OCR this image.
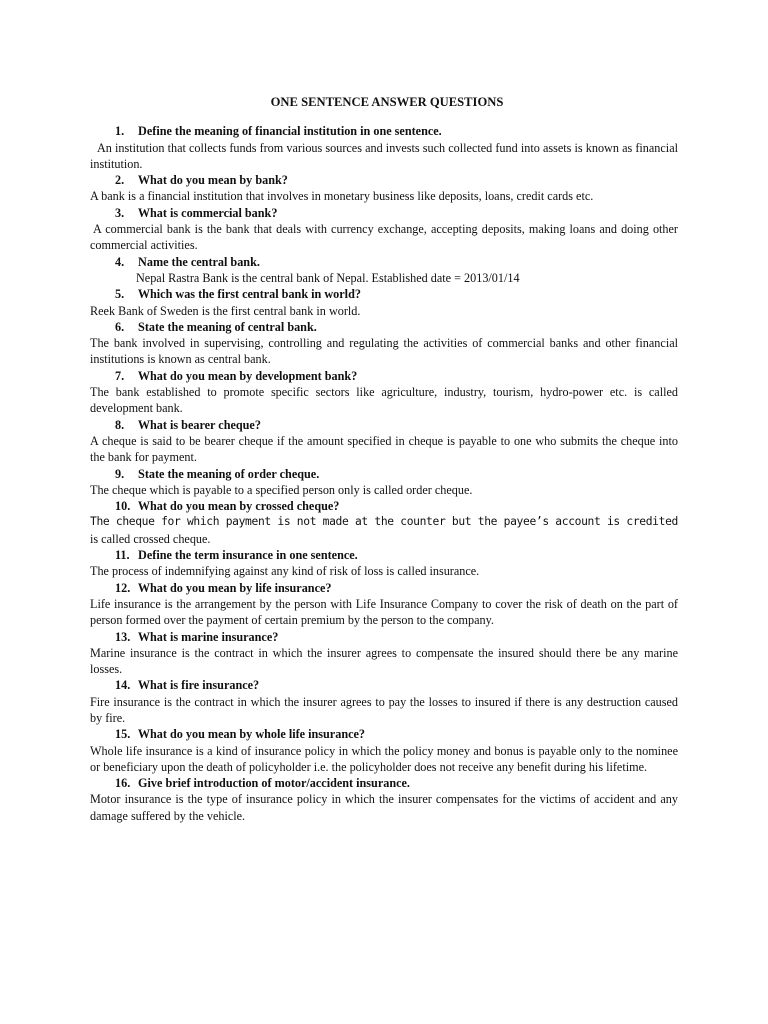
ONE SENTENCE ANSWER QUESTIONS

1. Define the meaning of financial institution in one sentence.

An institution that collects funds from various sources and invests such collected fund into assets is known as financial institution.

2. What do you mean by bank?

A bank is a financial institution that involves in monetary business like deposits, loans, credit cards etc.

3. What is commercial bank?

A commercial bank is the bank that deals with currency exchange, accepting deposits, making loans and doing other commercial activities.

4. Name the central bank.

Nepal Rastra Bank is the central bank of Nepal. Established date = 2013/01/14

5. Which was the first central bank in world?

Reek Bank of Sweden is the first central bank in world.

6. State the meaning of central bank.

The bank involved in supervising, controlling and regulating the activities of commercial banks and other financial institutions is known as central bank.

7. What do you mean by development bank?

The bank established to promote specific sectors like agriculture, industry, tourism, hydro-power etc. is called development bank.

8. What is bearer cheque?

A cheque is said to be bearer cheque if the amount specified in cheque is payable to one who submits the cheque into the bank for payment.

9. State the meaning of order cheque.

The cheque which is payable to a specified person only is called order cheque.

10. What do you mean by crossed cheque?

The cheque for which payment is not made at the counter but the payee’s account is credited is called crossed cheque.

11. Define the term insurance in one sentence.

The process of indemnifying against any kind of risk of loss is called insurance.

12. What do you mean by life insurance?

Life insurance is the arrangement by the person with Life Insurance Company to cover the risk of death on the part of person formed over the payment of certain premium by the person to the company.

13. What is marine insurance?

Marine insurance is the contract in which the insurer agrees to compensate the insured should there be any marine losses.

14. What is fire insurance?

Fire insurance is the contract in which the insurer agrees to pay the losses to insured if there is any destruction caused by fire.

15. What do you mean by whole life insurance?

Whole life insurance is a kind of insurance policy in which the policy money and bonus is payable only to the nominee or beneficiary upon the death of policyholder i.e. the policyholder does not receive any benefit during his lifetime.

16. Give brief introduction of motor/accident insurance.

Motor insurance is the type of insurance policy in which the insurer compensates for the victims of accident and any damage suffered by the vehicle.
